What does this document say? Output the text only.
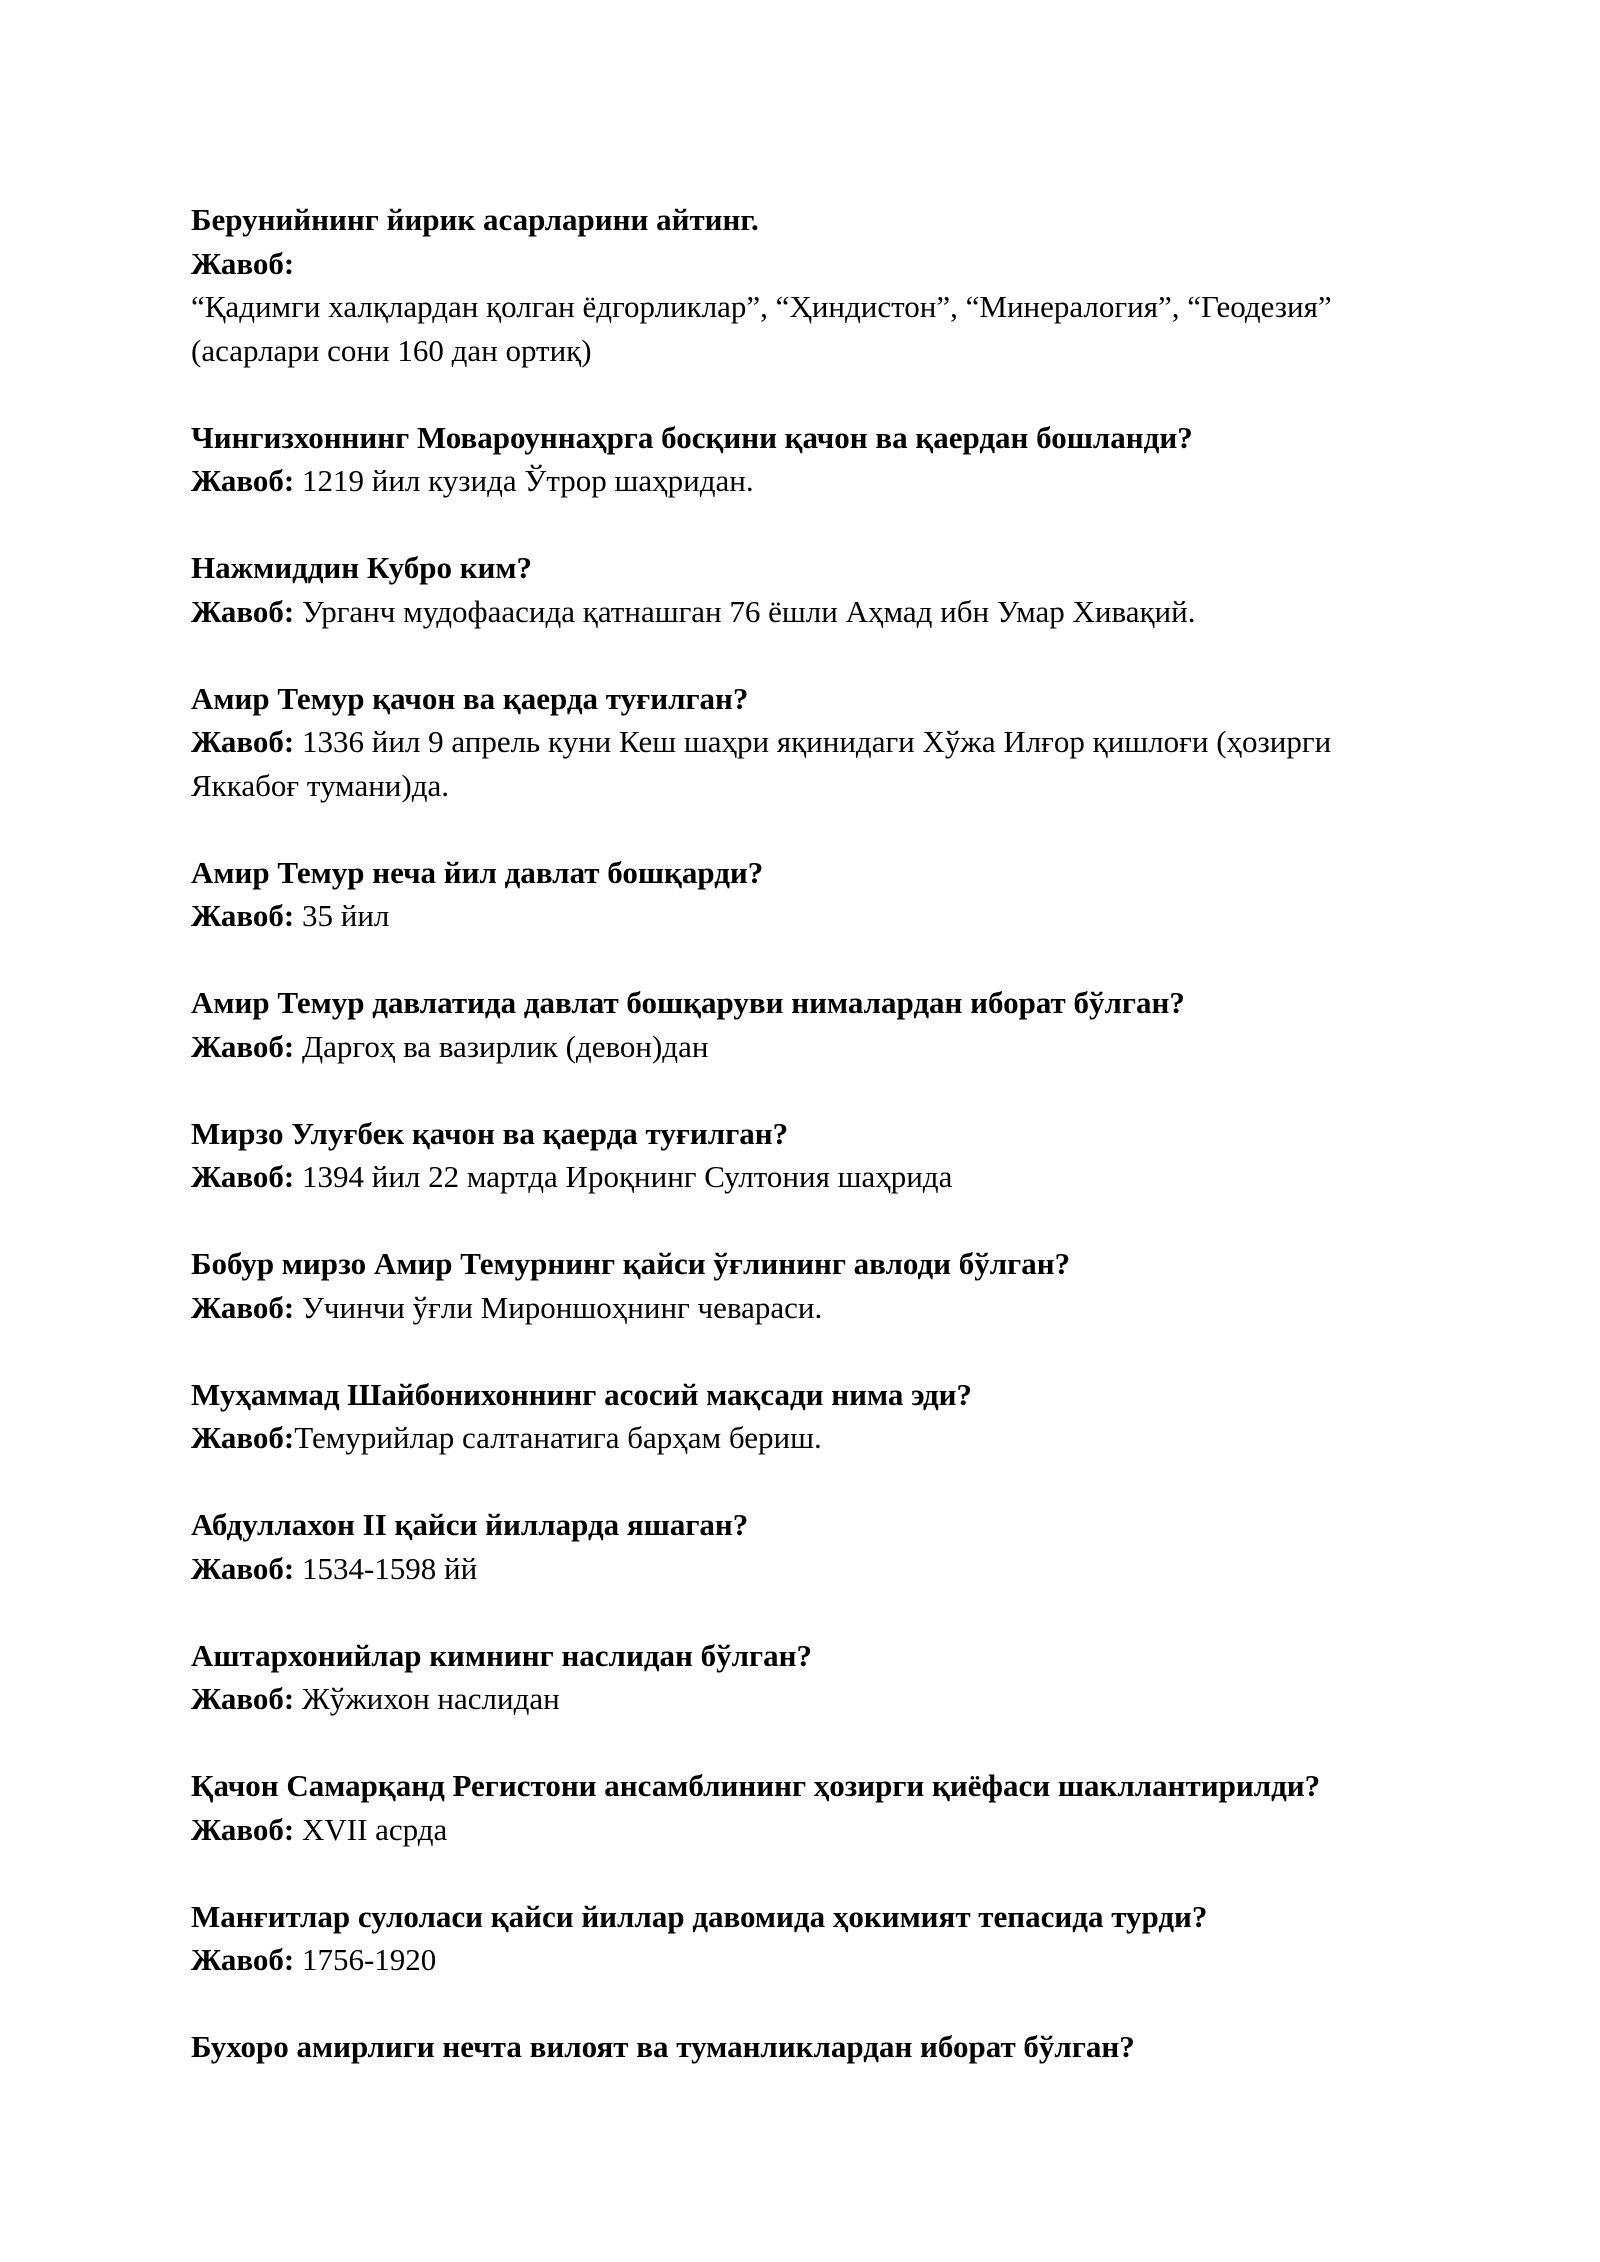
Берунийнинг йирик асарларини айтинг.

Жавоб:

“Қадимги халқлардан қолган ёдгорликлар”, “Ҳиндистон”, “Минералогия”, “Геодезия” (асарлари сони 160 дан ортиқ)

Чингизхоннинг Мовароуннаҳрга босқини қачон ва қаердан бошланди?

Жавоб: 1219 йил кузида Ўтрор шаҳридан.

Нажмиддин Кубро ким?

Жавоб: Урганч мудофаасида қатнашган 76 ёшли Аҳмад ибн Умар Хивақий.

Амир Темур қачон ва қаерда туғилган?

Жавоб: 1336 йил 9 апрель куни Кеш шаҳри яқинидаги Хўжа Илғор қишлоғи (ҳозирги Яккабоғ тумани)да.

Амир Темур неча йил давлат бошқарди?

Жавоб: 35 йил

Амир Темур давлатида давлат бошқаруви нималардан иборат бўлган?

Жавоб: Даргоҳ ва вазирлик (девон)дан

Мирзо Улуғбек қачон ва қаерда туғилган?

Жавоб: 1394 йил 22 мартда Ироқнинг Султония шаҳрида

Бобур мирзо Амир Темурнинг қайси ўғлининг авлоди бўлган?

Жавоб: Учинчи ўғли Мироншоҳнинг чевараси.

Муҳаммад Шайбонихоннинг асосий мақсади нима эди?

Жавоб:Темурийлар салтанатига барҳам бериш.

Абдуллахон II қайси йилларда яшаган?

Жавоб: 1534-1598 йй

Аштархонийлар кимнинг наслидан бўлган?

Жавоб: Жўжихон наслидан

Қачон Самарқанд Регистони ансамблининг ҳозирги қиёфаси шакллантирилди?

Жавоб: XVII асрда

Манғитлар сулоласи қайси йиллар давомида ҳокимият тепасида турди?

Жавоб: 1756-1920

Бухоро амирлиги нечта вилоят ва туманликлардан иборат бўлган?
